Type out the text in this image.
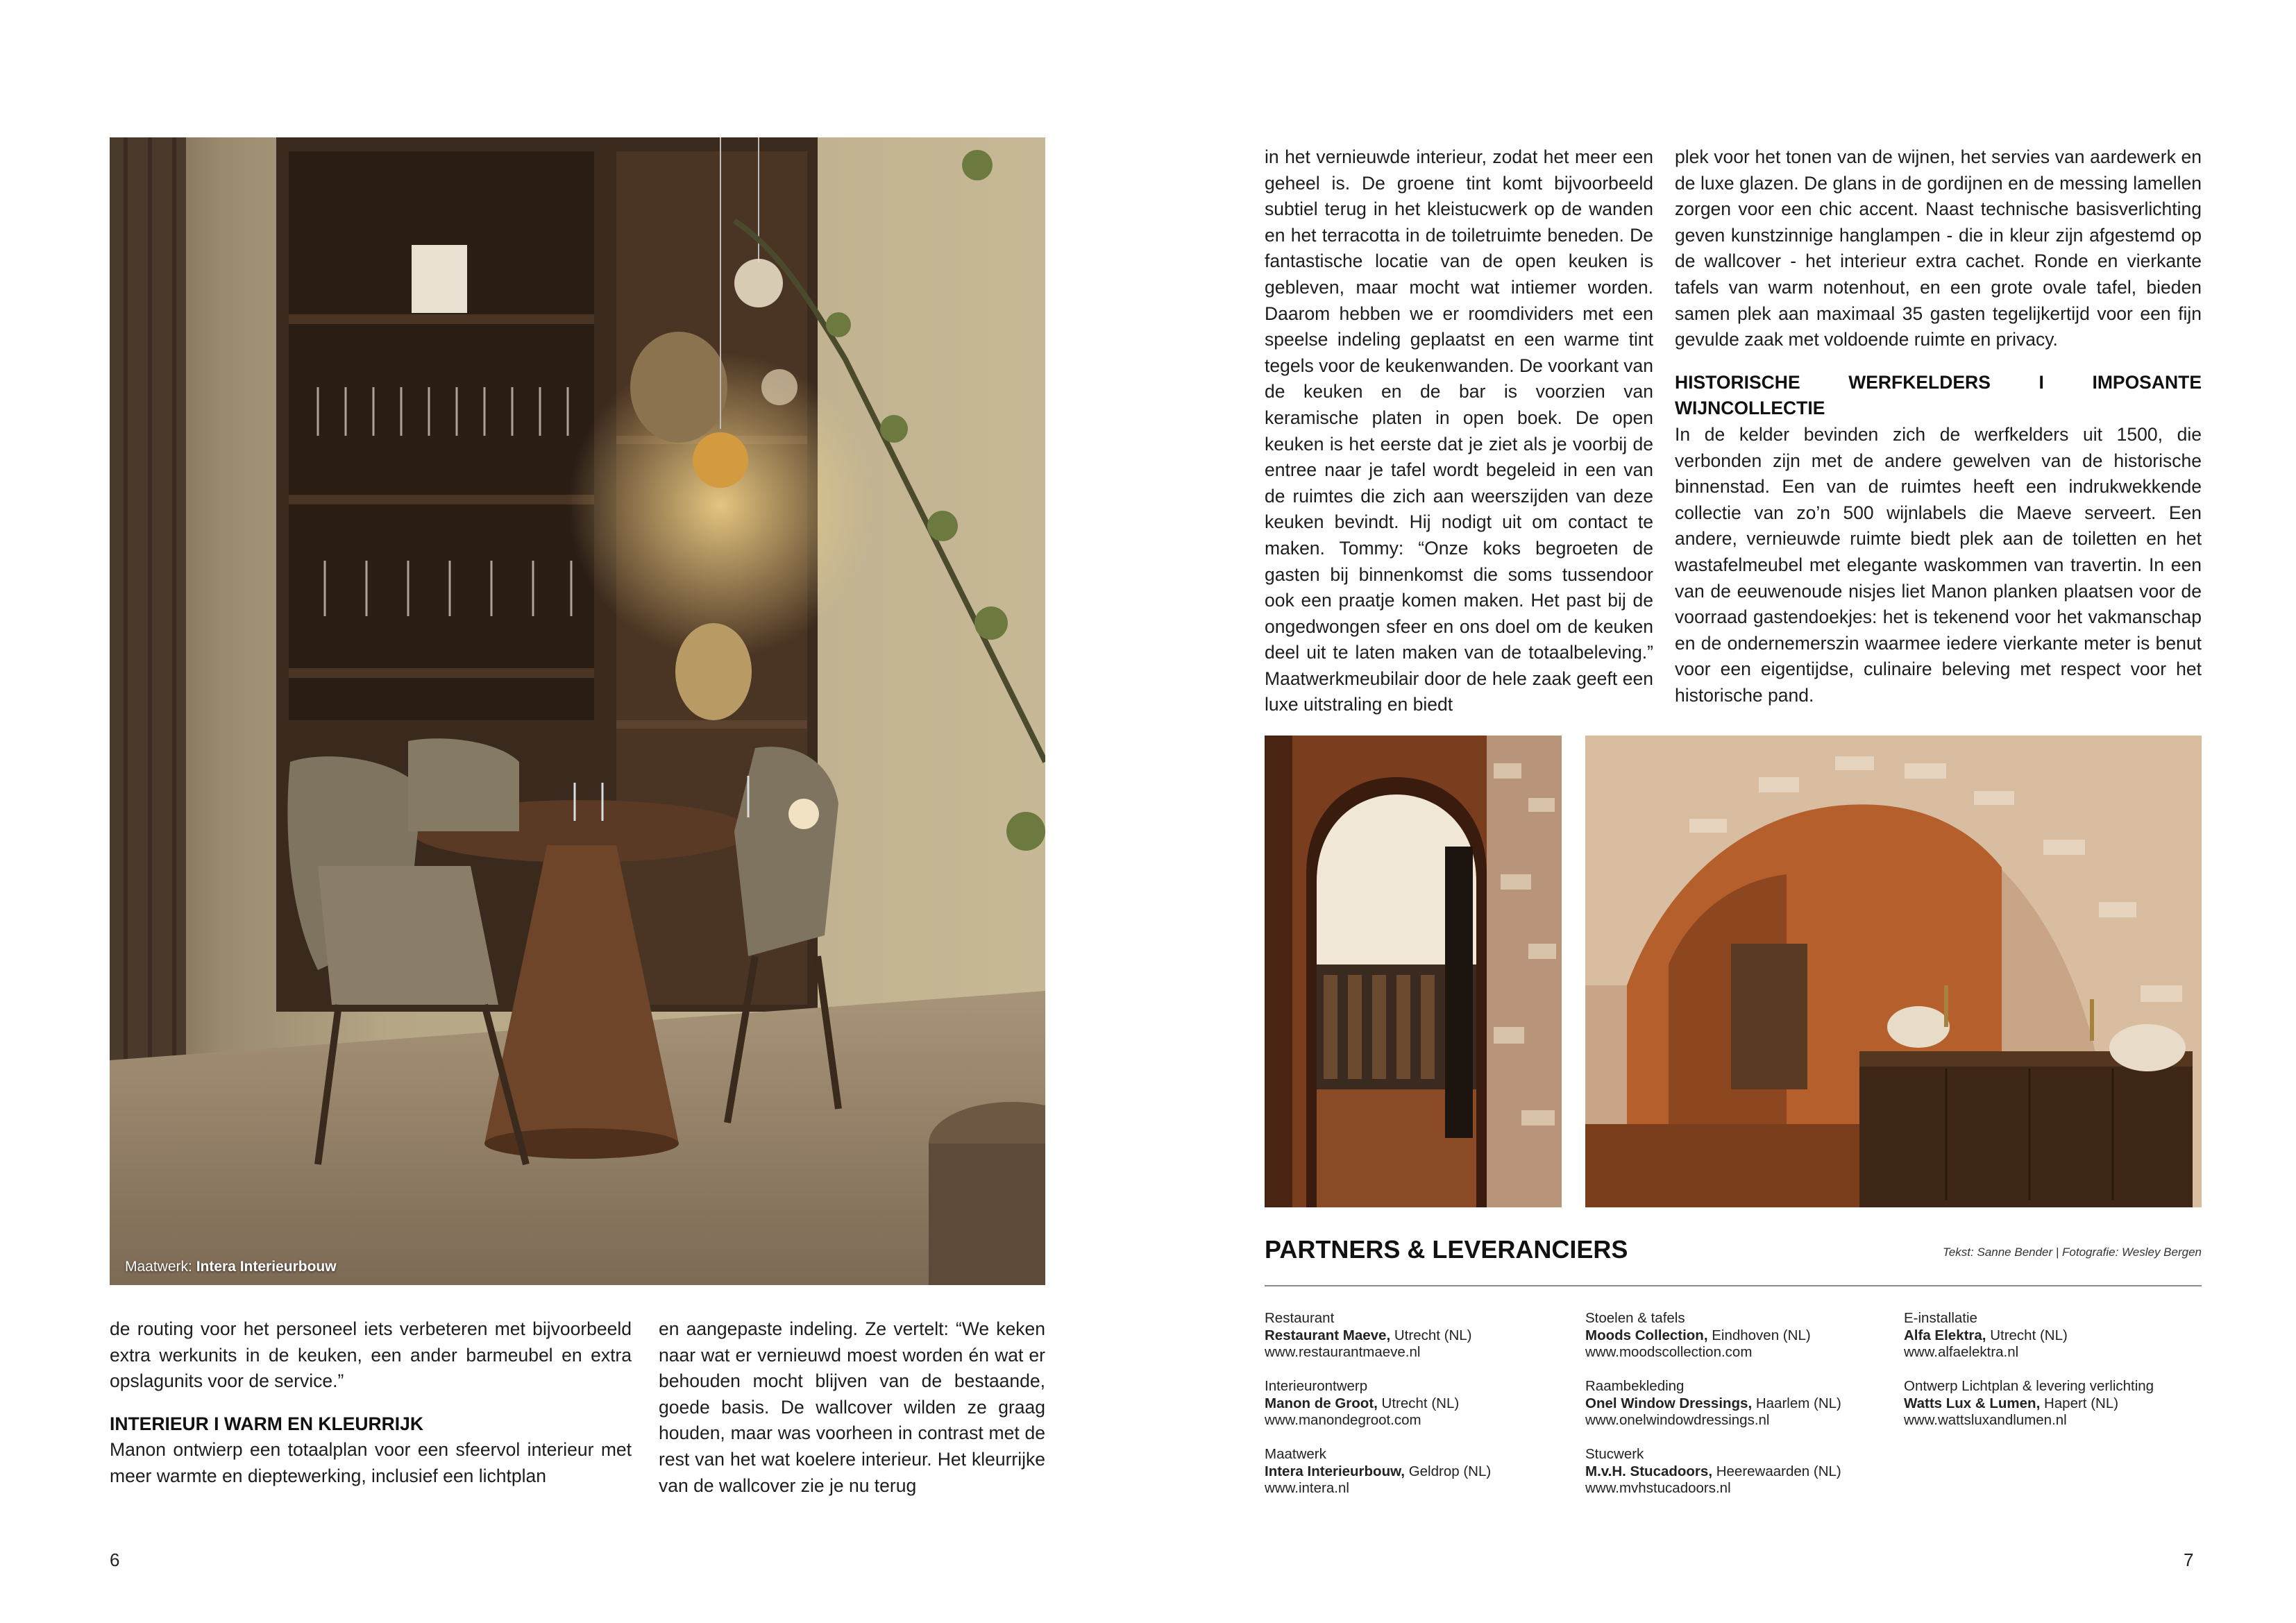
Maatwerk: Intera Interieurbouw

de routing voor het personeel iets verbeteren met bijvoorbeeld extra werkunits in de keuken, een ander barmeubel en extra opslagunits voor de service.”

INTERIEUR I WARM EN KLEURRIJK

Manon ontwierp een totaalplan voor een sfeervol interieur met meer warmte en dieptewerking, inclusief een lichtplan

en aangepaste indeling. Ze vertelt: “We keken naar wat er vernieuwd moest worden én wat er behouden mocht blijven van de bestaande, goede basis. De wallcover wilden ze graag houden, maar was voorheen in contrast met de rest van het wat koelere interieur. Het kleurrijke van de wallcover zie je nu terug

6

in het vernieuwde interieur, zodat het meer een geheel is. De groene tint komt bijvoorbeeld subtiel terug in het kleistucwerk op de wanden en het terracotta in de toiletruimte beneden. De fantastische locatie van de open keuken is gebleven, maar mocht wat intiemer worden. Daarom hebben we er roomdividers met een speelse indeling geplaatst en een warme tint tegels voor de keukenwanden. De voorkant van de keuken en de bar is voorzien van keramische platen in open boek. De open keuken is het eerste dat je ziet als je voorbij de entree naar je tafel wordt begeleid in een van de ruimtes die zich aan weerszijden van deze keuken bevindt. Hij nodigt uit om contact te maken. Tommy: “Onze koks begroeten de gasten bij binnenkomst die soms tussendoor ook een praatje komen maken. Het past bij de ongedwongen sfeer en ons doel om de keuken deel uit te laten maken van de totaalbeleving.” Maatwerkmeubilair door de hele zaak geeft een luxe uitstraling en biedt

plek voor het tonen van de wijnen, het servies van aardewerk en de luxe glazen. De glans in de gordijnen en de messing lamellen zorgen voor een chic accent. Naast technische basisverlichting geven kunstzinnige hanglampen - die in kleur zijn afgestemd op de wallcover - het interieur extra cachet. Ronde en vierkante tafels van warm notenhout, en een grote ovale tafel, bieden samen plek aan maximaal 35 gasten tegelijkertijd voor een fijn gevulde zaak met voldoende ruimte en privacy.

HISTORISCHE WERFKELDERS I IMPOSANTE WIJNCOLLECTIE

In de kelder bevinden zich de werfkelders uit 1500, die verbonden zijn met de andere gewelven van de historische binnenstad. Een van de ruimtes heeft een indrukwekkende collectie van zo’n 500 wijnlabels die Maeve serveert. Een andere, vernieuwde ruimte biedt plek aan de toiletten en het wastafelmeubel met elegante waskommen van travertin. In een van de eeuwenoude nisjes liet Manon planken plaatsen voor de voorraad gastendoekjes: het is tekenend voor het vakmanschap en de ondernemerszin waarmee iedere vierkante meter is benut voor een eigentijdse, culinaire beleving met respect voor het historische pand.

PARTNERS & LEVERANCIERS	Tekst: Sanne Bender | Fotografie: Wesley Bergen
Restaurant
Restaurant Maeve, Utrecht (NL)
www.restaurantmaeve.nl
Interieurontwerp
Manon de Groot, Utrecht (NL)
www.manondegroot.com
Maatwerk
Intera Interieurbouw, Geldrop (NL)
www.intera.nl
Stoelen & tafels
Moods Collection, Eindhoven (NL)
www.moodscollection.com
Raambekleding
Onel Window Dressings, Haarlem (NL)
www.onelwindowdressings.nl
Stucwerk
M.v.H. Stucadoors, Heerewaarden (NL)
www.mvhstucadoors.nl
E-installatie
Alfa Elektra, Utrecht (NL)
www.alfaelektra.nl
Ontwerp Lichtplan & levering verlichting
Watts Lux & Lumen, Hapert (NL)
www.wattsluxandlumen.nl
7
